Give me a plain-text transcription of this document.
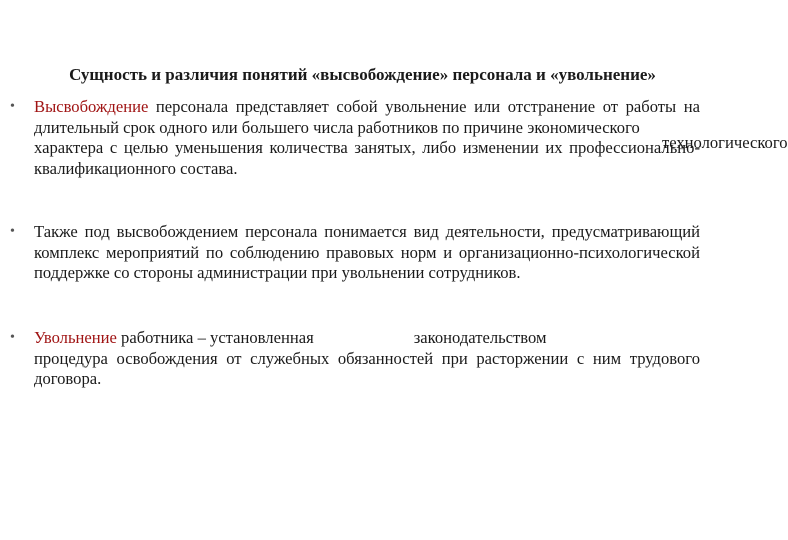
Сущность и различия понятий «высвобождение» персонала и «увольнение»
•	Высвобождение персонала представляет собой увольнение или отстранение от работы на длительный срок одного или большего числа работников по причине экономического
технологического

характера с целью уменьшения количества занятых, либо изменении их профессионально-квалификационного состава.
•	Также под высвобождением персонала понимается вид деятельности, предусматривающий комплекс мероприятий по соблюдению правовых норм и организационно-психологической поддержке со стороны администрации при увольнении сотрудников.
•	Увольнение работника – установленная	законодательством
процедура освобождения от служебных обязанностей при расторжении с ним трудового договора.
